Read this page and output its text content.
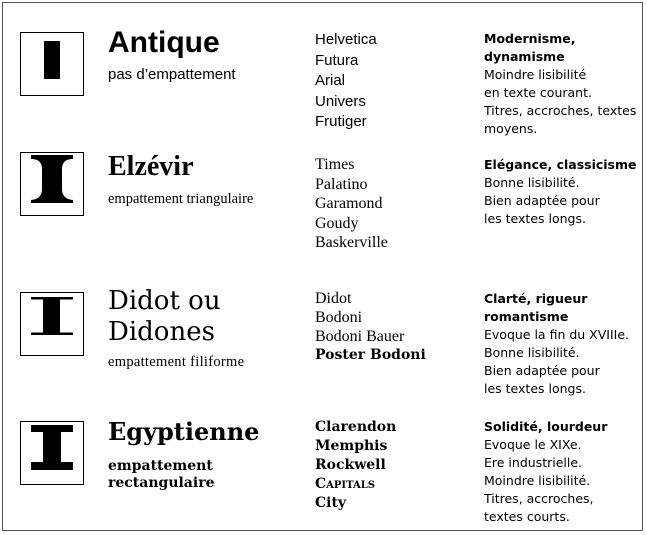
Antique
pas d’empattement
Helvetica
Futura
Arial
Univers
Frutiger
Modernisme,
dynamisme
Moindre lisibilité
en texte courant.
Titres, accroches, textes
moyens.
Elzévir
empattement triangulaire
Times
Palatino
Garamond
Goudy
Baskerville
Elégance, classicisme
Bonne lisibilité.
Bien adaptée pour
les textes longs.
Didot ou
Didones
empattement filiforme
Didot
Bodoni
Bodoni Bauer
Poster Bodoni
Clarté, rigueur
romantisme
Evoque la fin du XVIIIe.
Bonne lisibilité.
Bien adaptée pour
les textes longs.
Egyptienne
empattement
rectangulaire
Clarendon
Memphis
Rockwell
Capitals
City
Solidité, lourdeur
Evoque le XIXe.
Ere industrielle.
Moindre lisibilité.
Titres, accroches,
textes courts.
